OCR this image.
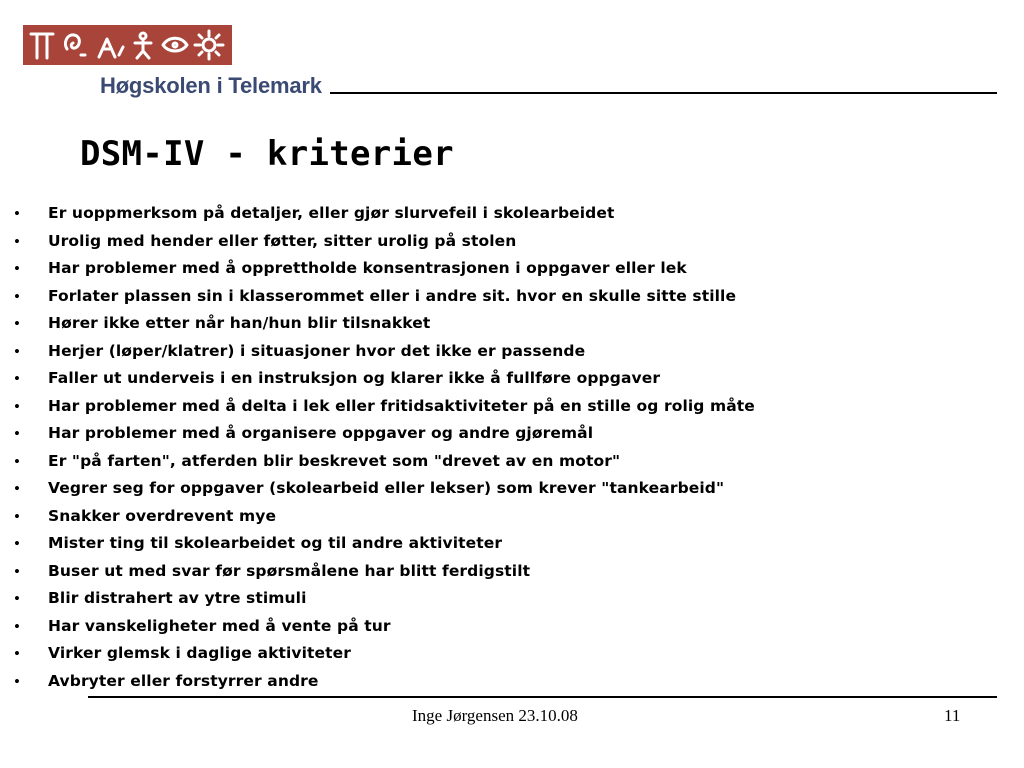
Høgskolen i Telemark
DSM-IV - kriterier
• Er uoppmerksom på detaljer, eller gjør slurvefeil i skolearbeidet
• Urolig med hender eller føtter, sitter urolig på stolen
• Har problemer med å opprettholde konsentrasjonen i oppgaver eller lek
• Forlater plassen sin i klasserommet eller i andre sit. hvor en skulle sitte stille
• Hører ikke etter når han/hun blir tilsnakket
• Herjer (løper/klatrer) i situasjoner hvor det ikke er passende
• Faller ut underveis i en instruksjon og klarer ikke å fullføre oppgaver
• Har problemer med å delta i lek eller fritidsaktiviteter på en stille og rolig måte
• Har problemer med å organisere oppgaver og andre gjøremål
• Er "på farten", atferden blir beskrevet som "drevet av en motor"
• Vegrer seg for oppgaver (skolearbeid eller lekser) som krever "tankearbeid"
• Snakker overdrevent mye
• Mister ting til skolearbeidet og til andre aktiviteter
• Buser ut med svar før spørsmålene har blitt ferdigstilt
• Blir distrahert av ytre stimuli
• Har vanskeligheter med å vente på tur
• Virker glemsk i daglige aktiviteter
• Avbryter eller forstyrrer andre
Inge Jørgensen 23.10.08	11
